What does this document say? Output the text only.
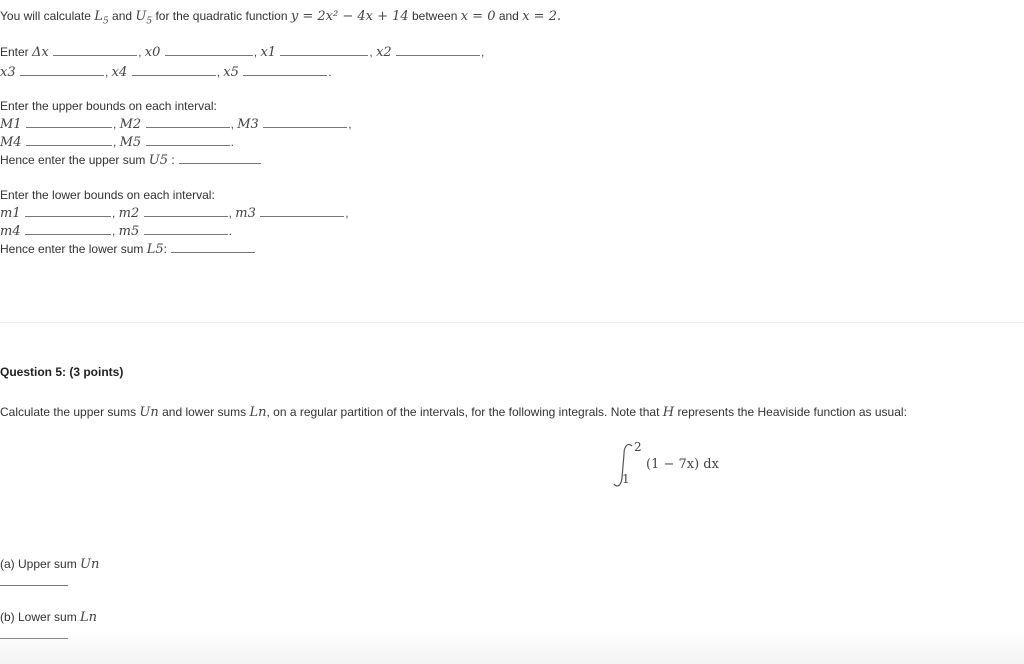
You will calculate $L_5$ and $U_5$ for the quadratic function y = 2x² − 4x + 14 between x = 0 and x = 2.
Enter Δx	, x0	, x1	, x2	,
x3	, x4	, x5	.
Enter the upper bounds on each interval:
M1	, M2	, M3	,
M4	, M5	.
Hence enter the upper sum U5 :
Enter the lower bounds on each interval:
m1	, m2	, m3	,
m4	, m5	.
Hence enter the lower sum L5:
Question 5: (3 points)
Calculate the upper sums Un and lower sums Ln, on a regular partition of the intervals, for the following integrals. Note that H represents the Heaviside function as usual:
2
1
(1 − 7x) dx
(a) Upper sum Un
(b) Lower sum Ln
